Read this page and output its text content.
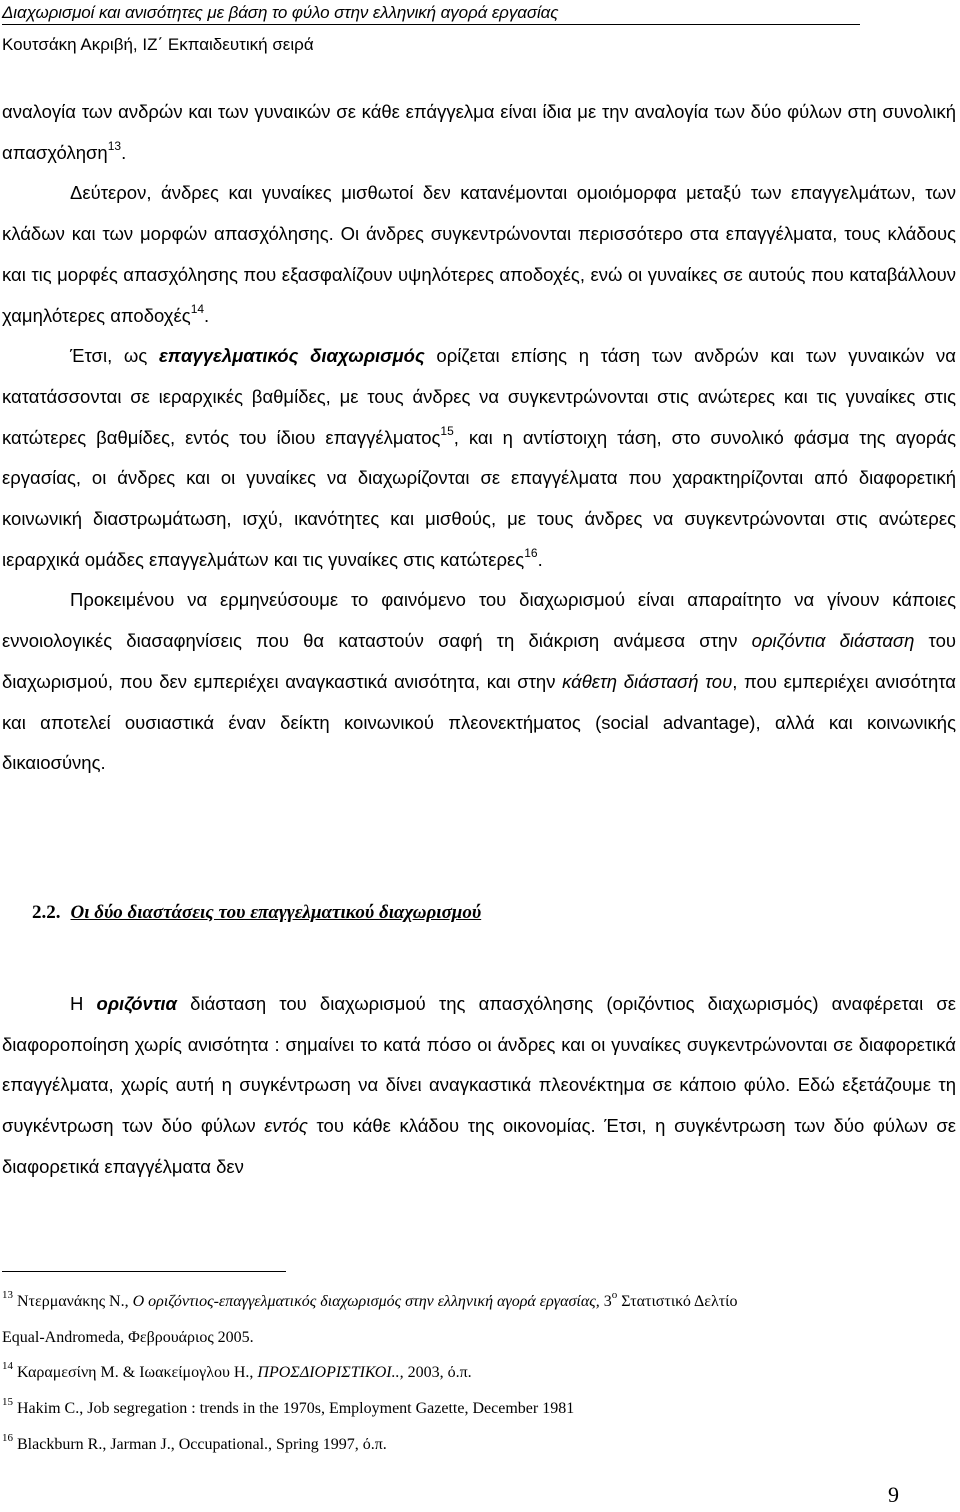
Διαχωρισμοί και ανισότητες με βάση το φύλο στην ελληνική αγορά εργασίας
Κουτσάκη Ακριβή, ΙΖ΄ Εκπαιδευτική σειρά

αναλογία των ανδρών και των γυναικών σε κάθε επάγγελμα είναι ίδια με την αναλογία των δύο φύλων στη συνολική απασχόληση$^{13}$.

Δεύτερον, άνδρες και γυναίκες μισθωτοί δεν κατανέμονται ομοιόμορφα μεταξύ των επαγγελμάτων, των κλάδων και των μορφών απασχόλησης. Οι άνδρες συγκεντρώνονται περισσότερο στα επαγγέλματα, τους κλάδους και τις μορφές απασχόλησης που εξασφαλίζουν υψηλότερες αποδοχές, ενώ οι γυναίκες σε αυτούς που καταβάλλουν χαμηλότερες αποδοχές$^{14}$.

Έτσι, ως επαγγελματικός διαχωρισμός ορίζεται επίσης η τάση των ανδρών και των γυναικών να κατατάσσονται σε ιεραρχικές βαθμίδες, με τους άνδρες να συγκεντρώνονται στις ανώτερες και τις γυναίκες στις κατώτερες βαθμίδες, εντός του ίδιου επαγγέλματος$^{15}$, και η αντίστοιχη τάση, στο συνολικό φάσμα της αγοράς εργασίας, οι άνδρες και οι γυναίκες να διαχωρίζονται σε επαγγέλματα που χαρακτηρίζονται από διαφορετική κοινωνική διαστρωμάτωση, ισχύ, ικανότητες και μισθούς, με τους άνδρες να συγκεντρώνονται στις ανώτερες ιεραρχικά ομάδες επαγγελμάτων και τις γυναίκες στις κατώτερες$^{16}$.

Προκειμένου να ερμηνεύσουμε το φαινόμενο του διαχωρισμού είναι απαραίτητο να γίνουν κάποιες εννοιολογικές διασαφηνίσεις που θα καταστούν σαφή τη διάκριση ανάμεσα στην οριζόντια διάσταση του διαχωρισμού, που δεν εμπεριέχει αναγκαστικά ανισότητα, και στην κάθετη διάστασή του, που εμπεριέχει ανισότητα και αποτελεί ουσιαστικά έναν δείκτη κοινωνικού πλεονεκτήματος (social advantage), αλλά και κοινωνικής δικαιοσύνης.

2.2. Οι δύο διαστάσεις του επαγγελματικού διαχωρισμού

Η οριζόντια διάσταση του διαχωρισμού της απασχόλησης (οριζόντιος διαχωρισμός) αναφέρεται σε διαφοροποίηση χωρίς ανισότητα : σημαίνει το κατά πόσο οι άνδρες και οι γυναίκες συγκεντρώνονται σε διαφορετικά επαγγέλματα, χωρίς αυτή η συγκέντρωση να δίνει αναγκαστικά πλεονέκτημα σε κάποιο φύλο. Εδώ εξετάζουμε τη συγκέντρωση των δύο φύλων εντός του κάθε κλάδου της οικονομίας. Έτσι, η συγκέντρωση των δύο φύλων σε διαφορετικά επαγγέλματα δεν

$^{13}$ Ντερμανάκης Ν., Ο οριζόντιος-επαγγελματικός διαχωρισμός στην ελληνική αγορά εργασίας, $3^o$ Στατιστικό Δελτίο
Equal-Andromeda, Φεβρουάριος 2005.
$^{14}$ Καραμεσίνη Μ. & Ιωακείμογλου Η., ΠΡΟΣΔΙΟΡΙΣΤΙΚΟΙ.., 2003, ό.π.
$^{15}$ Hakim C., Job segregation : trends in the 1970s, Employment Gazette, December 1981
$^{16}$ Blackburn R., Jarman J., Occupational., Spring 1997, ό.π.
9
